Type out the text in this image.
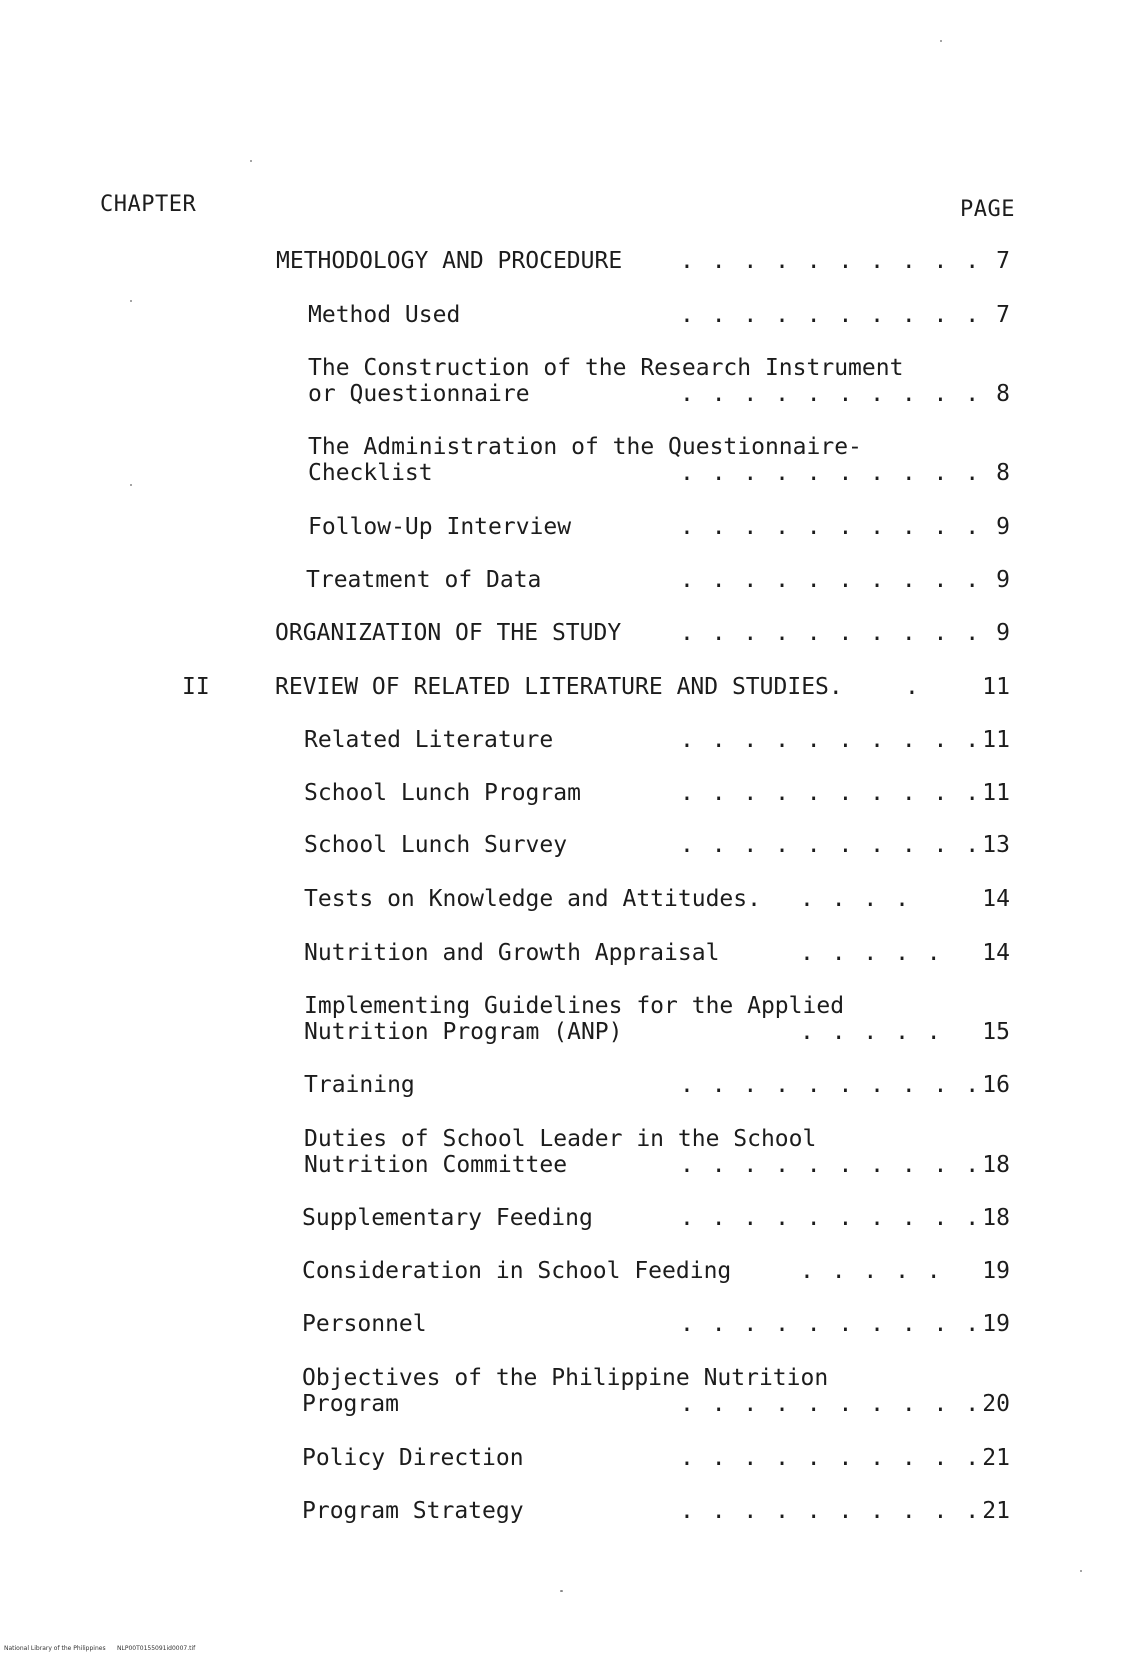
CHAPTER	PAGE
METHODOLOGY AND PROCEDURE	. . . . . . . . . . 7
Method Used	. . . . . . . . . . 7
The Construction of the Research Instrument
or Questionnaire	. . . . . . . . . . 8
The Administration of the Questionnaire-
Checklist	. . . . . . . . . . 8
Follow-Up Interview	. . . . . . . . . . 9
Treatment of Data	. . . . . . . . . . 9
ORGANIZATION OF THE STUDY	. . . . . . . . . . 9
II	REVIEW OF RELATED LITERATURE AND STUDIES.	.	11
Related Literature	. . . . . . . . . . 11
School Lunch Program	. . . . . . . . . . 11
School Lunch Survey	. . . . . . . . . . 13
Tests on Knowledge and Attitudes. . . . .	14
Nutrition and Growth Appraisal	. . . . .	14
Implementing Guidelines for the Applied
Nutrition Program (ANP)	. . . . .	15
Training	. . . . . . . . . . 16
Duties of School Leader in the School
Nutrition Committee	. . . . . . . . . . 18
Supplementary Feeding	. . . . . . . . . . 18
Consideration in School Feeding	. . . . .	19
Personnel	. . . . . . . . . . 19
Objectives of the Philippine Nutrition
Program	. . . . . . . . . . 20
Policy Direction	. . . . . . . . . . 21
Program Strategy	. . . . . . . . . . 21
National Library of the Philippines NLP00T0155091id0007.tif
